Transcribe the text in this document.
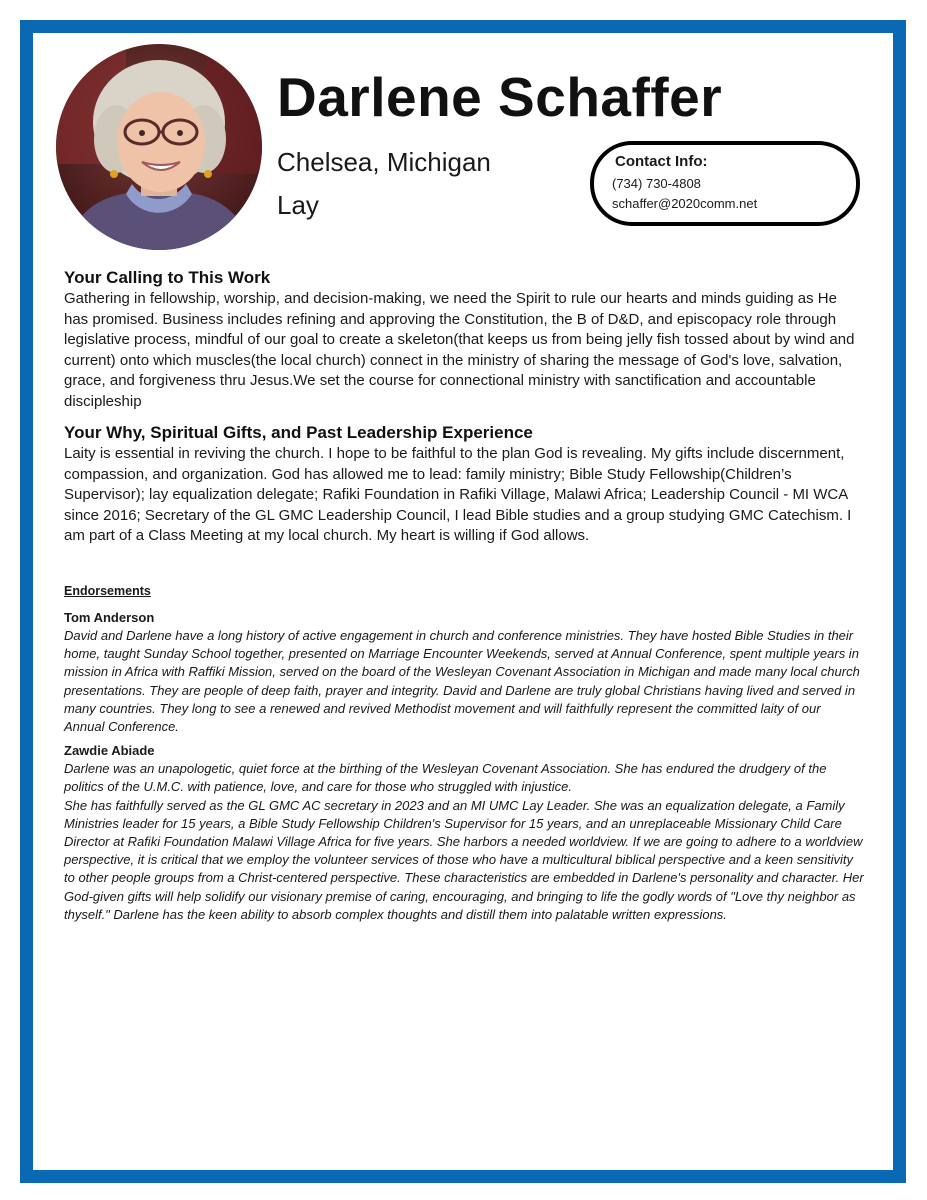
Darlene Schaffer
Chelsea, Michigan
Lay
Contact Info:
(734) 730-4808
schaffer@2020comm.net
Your Calling to This Work

Gathering in fellowship, worship, and decision-making, we need the Spirit to rule our hearts and minds guiding as He has promised. Business includes refining and approving the Constitution, the B of D&D, and episcopacy role through legislative process, mindful of our goal to create a skeleton(that keeps us from being jelly fish tossed about by wind and current) onto which muscles(the local church) connect in the ministry of sharing the message of God's love, salvation, grace, and forgiveness thru Jesus.We set the course for connectional ministry with sanctification and accountable discipleship

Your Why, Spiritual Gifts, and Past Leadership Experience

Laity is essential in reviving the church. I hope to be faithful to the plan God is revealing. My gifts include discernment, compassion, and organization. God has allowed me to lead: family ministry; Bible Study Fellowship(Children’s Supervisor); lay equalization delegate; Rafiki Foundation in Rafiki Village, Malawi Africa; Leadership Council - MI WCA since 2016; Secretary of the GL GMC Leadership Council, I lead Bible studies and a group studying GMC Catechism. I am part of a Class Meeting at my local church. My heart is willing if God allows.

Endorsements
Tom Anderson

David and Darlene have a long history of active engagement in church and conference ministries. They have hosted Bible Studies in their home, taught Sunday School together, presented on Marriage Encounter Weekends, served at Annual Conference, spent multiple years in mission in Africa with Raffiki Mission, served on the board of the Wesleyan Covenant Association in Michigan and made many local church presentations. They are people of deep faith, prayer and integrity. David and Darlene are truly global Christians having lived and served in many countries. They long to see a renewed and revived Methodist movement and will faithfully represent the committed laity of our Annual Conference.

Zawdie Abiade

Darlene was an unapologetic, quiet force at the birthing of the Wesleyan Covenant Association. She has endured the drudgery of the politics of the U.M.C. with patience, love, and care for those who struggled with injustice.

She has faithfully served as the GL GMC AC secretary in 2023 and an MI UMC Lay Leader. She was an equalization delegate, a Family Ministries leader for 15 years, a Bible Study Fellowship Children's Supervisor for 15 years, and an unreplaceable Missionary Child Care Director at Rafiki Foundation Malawi Village Africa for five years. She harbors a needed worldview. If we are going to adhere to a worldview perspective, it is critical that we employ the volunteer services of those who have a multicultural biblical perspective and a keen sensitivity to other people groups from a Christ-centered perspective. These characteristics are embedded in Darlene's personality and character. Her God-given gifts will help solidify our visionary premise of caring, encouraging, and bringing to life the godly words of "Love thy neighbor as thyself." Darlene has the keen ability to absorb complex thoughts and distill them into palatable written expressions.
